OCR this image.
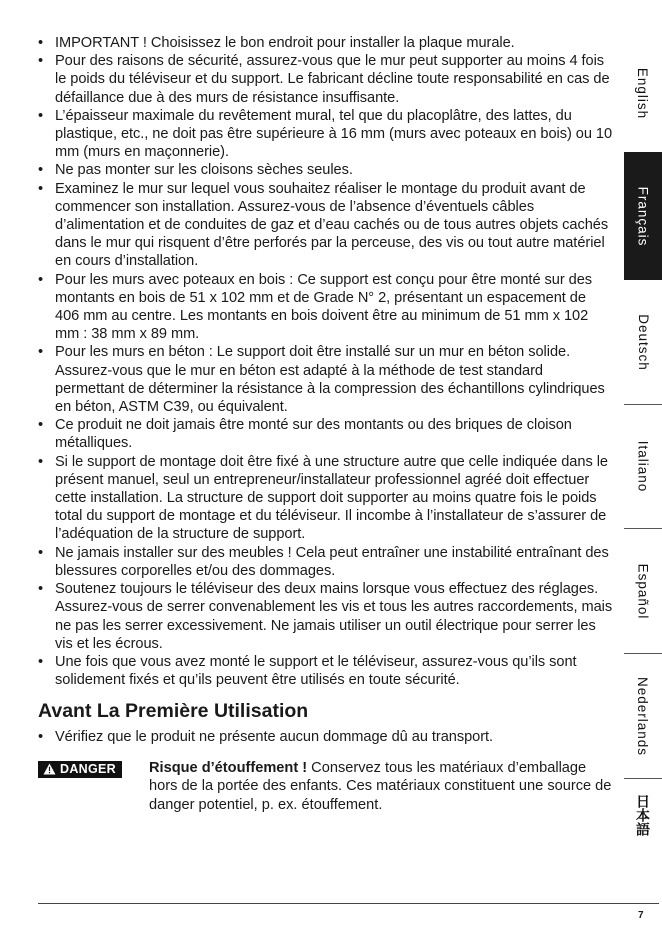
• IMPORTANT ! Choisissez le bon endroit pour installer la plaque murale.
• Pour des raisons de sécurité, assurez-vous que le mur peut supporter au moins 4 fois le poids du téléviseur et du support. Le fabricant décline toute responsabilité en cas de défaillance due à des murs de résistance insuffisante.
• L’épaisseur maximale du revêtement mural, tel que du placoplâtre, des lattes, du plastique, etc., ne doit pas être supérieure à 16 mm (murs avec poteaux en bois) ou 10 mm (murs en maçonnerie).
• Ne pas monter sur les cloisons sèches seules.
• Examinez le mur sur lequel vous souhaitez réaliser le montage du produit avant de commencer son installation. Assurez-vous de l’absence d’éventuels câbles d’alimentation et de conduites de gaz et d’eau cachés ou de tous autres objets cachés dans le mur qui risquent d’être perforés par la perceuse, des vis ou tout autre matériel en cours d’installation.
• Pour les murs avec poteaux en bois : Ce support est conçu pour être monté sur des montants en bois de 51 x 102 mm et de Grade N° 2, présentant un espacement de 406 mm au centre. Les montants en bois doivent être au minimum de 51 mm x 102 mm : 38 mm x 89 mm.
• Pour les murs en béton : Le support doit être installé sur un mur en béton solide. Assurez-vous que le mur en béton est adapté à la méthode de test standard permettant de déterminer la résistance à la compression des échantillons cylindriques en béton, ASTM C39, ou équivalent.
• Ce produit ne doit jamais être monté sur des montants ou des briques de cloison métalliques.
• Si le support de montage doit être fixé à une structure autre que celle indiquée dans le présent manuel, seul un entrepreneur/installateur professionnel agréé doit effectuer cette installation. La structure de support doit supporter au moins quatre fois le poids total du support de montage et du téléviseur. Il incombe à l’installateur de s’assurer de l’adéquation de la structure de support.
• Ne jamais installer sur des meubles ! Cela peut entraîner une instabilité entraînant des blessures corporelles et/ou des dommages.
• Soutenez toujours le téléviseur des deux mains lorsque vous effectuez des réglages. Assurez-vous de serrer convenablement les vis et tous les autres raccordements, mais ne pas les serrer excessivement. Ne jamais utiliser un outil électrique pour serrer les vis et les écrous.
• Une fois que vous avez monté le support et le téléviseur, assurez-vous qu’ils sont solidement fixés et qu’ils peuvent être utilisés en toute sécurité.
Avant La Première Utilisation
• Vérifiez que le produit ne présente aucun dommage dû au transport.
DANGER Risque d’étouffement ! Conservez tous les matériaux d’emballage hors de la portée des enfants. Ces matériaux constituent une source de danger potentiel, p. ex. étouffement.
English
Français
Deutsch
Italiano
Español
Nederlands
日本語
7
